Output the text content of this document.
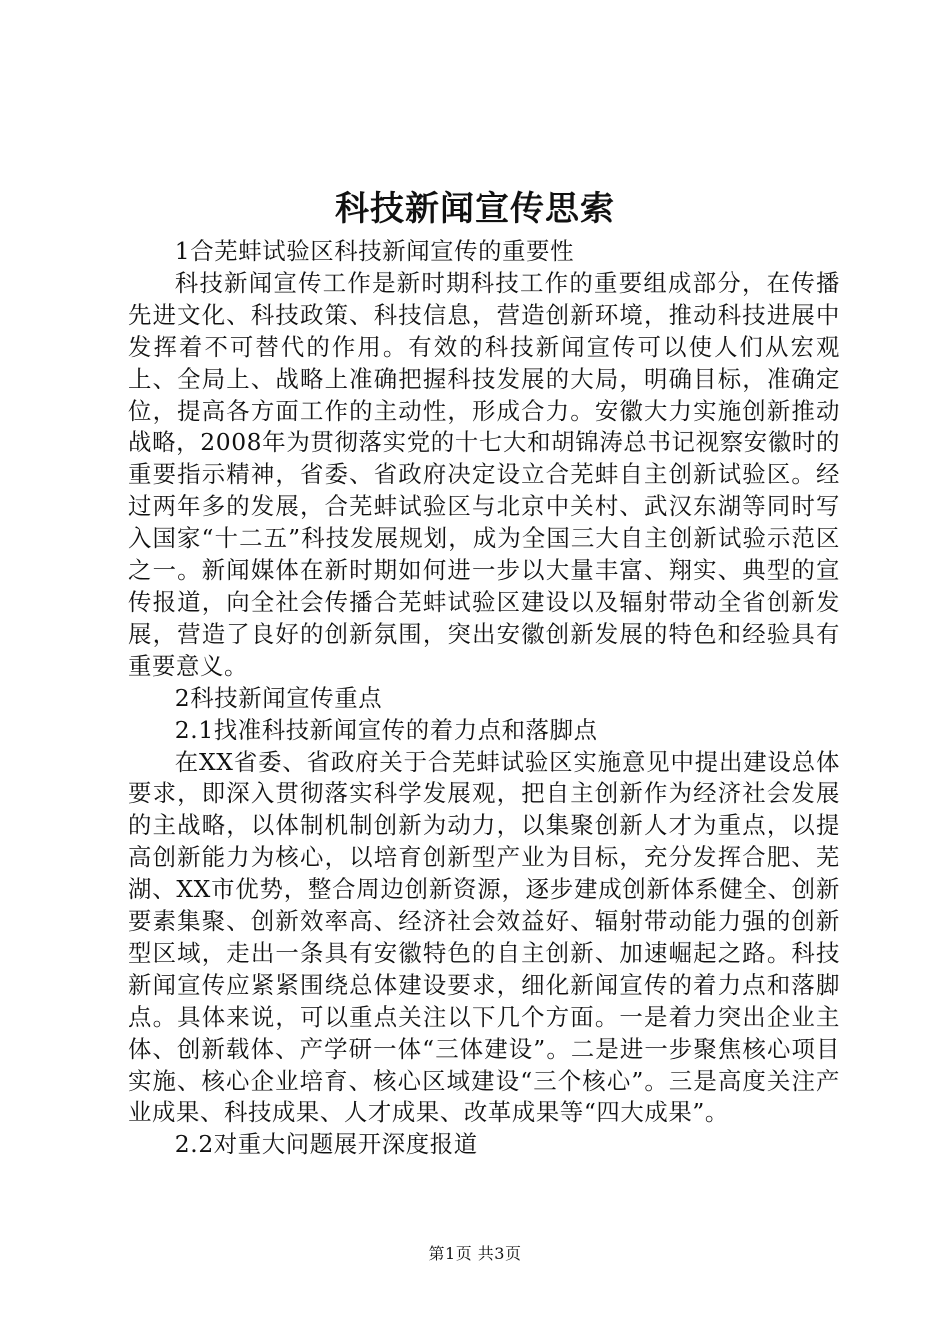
科技新闻宣传思索

1合芜蚌试验区科技新闻宣传的重要性

科技新闻宣传工作是新时期科技工作的重要组成部分，在传播先进文化、科技政策、科技信息，营造创新环境，推动科技进展中发挥着不可替代的作用。有效的科技新闻宣传可以使人们从宏观上、全局上、战略上准确把握科技发展的大局，明确目标，准确定位，提高各方面工作的主动性，形成合力。安徽大力实施创新推动战略，2008年为贯彻落实党的十七大和胡锦涛总书记视察安徽时的重要指示精神，省委、省政府决定设立合芜蚌自主创新试验区。经过两年多的发展，合芜蚌试验区与北京中关村、武汉东湖等同时写入国家“十二五”科技发展规划，成为全国三大自主创新试验示范区之一。新闻媒体在新时期如何进一步以大量丰富、翔实、典型的宣传报道，向全社会传播合芜蚌试验区建设以及辐射带动全省创新发展，营造了良好的创新氛围，突出安徽创新发展的特色和经验具有重要意义。

2科技新闻宣传重点

2.1找准科技新闻宣传的着力点和落脚点

在XX省委、省政府关于合芜蚌试验区实施意见中提出建设总体要求，即深入贯彻落实科学发展观，把自主创新作为经济社会发展的主战略，以体制机制创新为动力，以集聚创新人才为重点，以提高创新能力为核心，以培育创新型产业为目标，充分发挥合肥、芜湖、XX市优势，整合周边创新资源，逐步建成创新体系健全、创新要素集聚、创新效率高、经济社会效益好、辐射带动能力强的创新型区域，走出一条具有安徽特色的自主创新、加速崛起之路。科技新闻宣传应紧紧围绕总体建设要求，细化新闻宣传的着力点和落脚点。具体来说，可以重点关注以下几个方面。一是着力突出企业主体、创新载体、产学研一体“三体建设”。二是进一步聚焦核心项目实施、核心企业培育、核心区域建设“三个核心”。三是高度关注产业成果、科技成果、人才成果、改革成果等“四大成果”。

2.2对重大问题展开深度报道

第1页 共3页
